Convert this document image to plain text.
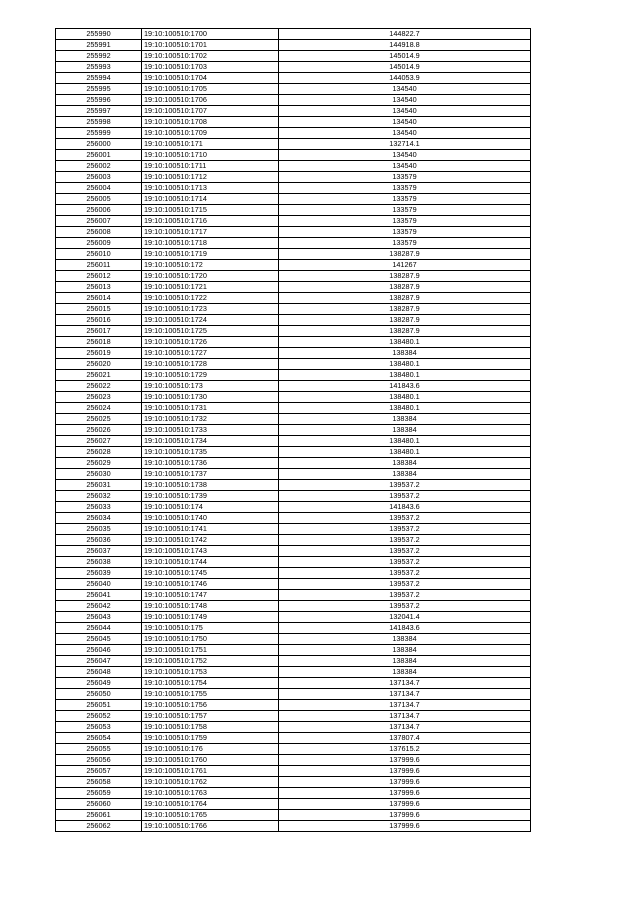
255990	19:10:100510:1700	144822.7
255991	19:10:100510:1701	144918.8
255992	19:10:100510:1702	145014.9
255993	19:10:100510:1703	145014.9
255994	19:10:100510:1704	144053.9
255995	19:10:100510:1705	134540
255996	19:10:100510:1706	134540
255997	19:10:100510:1707	134540
255998	19:10:100510:1708	134540
255999	19:10:100510:1709	134540
256000	19:10:100510:171	132714.1
256001	19:10:100510:1710	134540
256002	19:10:100510:1711	134540
256003	19:10:100510:1712	133579
256004	19:10:100510:1713	133579
256005	19:10:100510:1714	133579
256006	19:10:100510:1715	133579
256007	19:10:100510:1716	133579
256008	19:10:100510:1717	133579
256009	19:10:100510:1718	133579
256010	19:10:100510:1719	138287.9
256011	19:10:100510:172	141267
256012	19:10:100510:1720	138287.9
256013	19:10:100510:1721	138287.9
256014	19:10:100510:1722	138287.9
256015	19:10:100510:1723	138287.9
256016	19:10:100510:1724	138287.9
256017	19:10:100510:1725	138287.9
256018	19:10:100510:1726	138480.1
256019	19:10:100510:1727	138384
256020	19:10:100510:1728	138480.1
256021	19:10:100510:1729	138480.1
256022	19:10:100510:173	141843.6
256023	19:10:100510:1730	138480.1
256024	19:10:100510:1731	138480.1
256025	19:10:100510:1732	138384
256026	19:10:100510:1733	138384
256027	19:10:100510:1734	138480.1
256028	19:10:100510:1735	138480.1
256029	19:10:100510:1736	138384
256030	19:10:100510:1737	138384
256031	19:10:100510:1738	139537.2
256032	19:10:100510:1739	139537.2
256033	19:10:100510:174	141843.6
256034	19:10:100510:1740	139537.2
256035	19:10:100510:1741	139537.2
256036	19:10:100510:1742	139537.2
256037	19:10:100510:1743	139537.2
256038	19:10:100510:1744	139537.2
256039	19:10:100510:1745	139537.2
256040	19:10:100510:1746	139537.2
256041	19:10:100510:1747	139537.2
256042	19:10:100510:1748	139537.2
256043	19:10:100510:1749	132041.4
256044	19:10:100510:175	141843.6
256045	19:10:100510:1750	138384
256046	19:10:100510:1751	138384
256047	19:10:100510:1752	138384
256048	19:10:100510:1753	138384
256049	19:10:100510:1754	137134.7
256050	19:10:100510:1755	137134.7
256051	19:10:100510:1756	137134.7
256052	19:10:100510:1757	137134.7
256053	19:10:100510:1758	137134.7
256054	19:10:100510:1759	137807.4
256055	19:10:100510:176	137615.2
256056	19:10:100510:1760	137999.6
256057	19:10:100510:1761	137999.6
256058	19:10:100510:1762	137999.6
256059	19:10:100510:1763	137999.6
256060	19:10:100510:1764	137999.6
256061	19:10:100510:1765	137999.6
256062	19:10:100510:1766	137999.6
